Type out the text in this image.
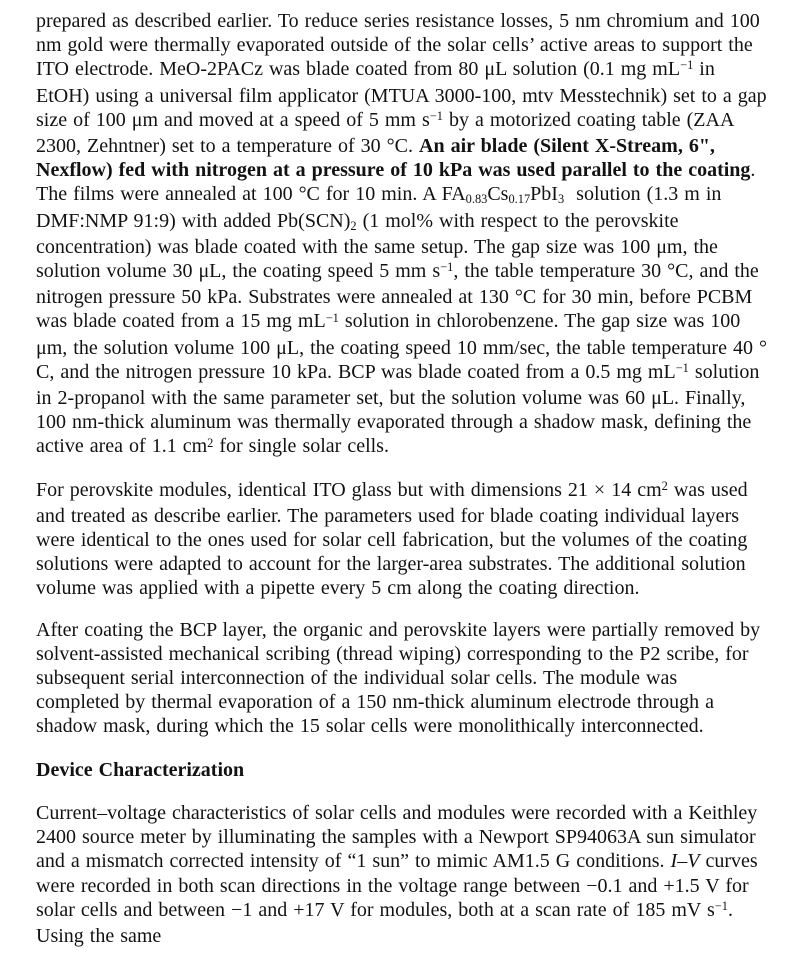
prepared as described earlier. To reduce series resistance losses, 5 nm chromium and 100
nm gold were thermally evaporated outside of the solar cells’ active areas to support the
ITO electrode. MeO-2PACz was blade coated from 80 μL solution (0.1 mg $mL^{-1}$ in
EtOH) using a universal film applicator (MTUA 3000-100, mtv Messtechnik) set to a gap
size of 100 μm and moved at a speed of 5 mm $s^{-1}$ by a motorized coating table (ZAA
2300, Zehntner) set to a temperature of 30 °C. An air blade (Silent X-Stream, 6",
Nexflow) fed with nitrogen at a pressure of 10 kPa was used parallel to the coating.
The films were annealed at 100 °C for 10 min. A FA0.83Cs0.17PbI3  solution (1.3 m in
DMF:NMP 91:9) with added Pb(SCN)2 (1 mol% with respect to the perovskite
concentration) was blade coated with the same setup. The gap size was 100 μm, the
solution volume 30 μL, the coating speed 5 mm $s^{-1}$, the table temperature 30 °C, and the
nitrogen pressure 50 kPa. Substrates were annealed at 130 °C for 30 min, before PCBM
was blade coated from a 15 mg $mL^{-1}$ solution in chlorobenzene. The gap size was 100
μm, the solution volume 100 μL, the coating speed 10 mm/sec, the table temperature 40 °
C, and the nitrogen pressure 10 kPa. BCP was blade coated from a 0.5 mg $mL^{-1}$ solution
in 2-propanol with the same parameter set, but the solution volume was 60 μL. Finally,
100 nm-thick aluminum was thermally evaporated through a shadow mask, defining the
active area of 1.1 $cm^2$ for single solar cells.
For perovskite modules, identical ITO glass but with dimensions 21 × 14 $cm^2$ was used
and treated as describe earlier. The parameters used for blade coating individual layers
were identical to the ones used for solar cell fabrication, but the volumes of the coating
solutions were adapted to account for the larger-area substrates. The additional solution
volume was applied with a pipette every 5 cm along the coating direction.
After coating the BCP layer, the organic and perovskite layers were partially removed by
solvent-assisted mechanical scribing (thread wiping) corresponding to the P2 scribe, for
subsequent serial interconnection of the individual solar cells. The module was
completed by thermal evaporation of a 150 nm-thick aluminum electrode through a
shadow mask, during which the 15 solar cells were monolithically interconnected.
Device Characterization
Current–voltage characteristics of solar cells and modules were recorded with a Keithley
2400 source meter by illuminating the samples with a Newport SP94063A sun simulator
and a mismatch corrected intensity of “1 sun” to mimic AM1.5 G conditions. I–V curves
were recorded in both scan directions in the voltage range between −0.1 and +1.5 V for
solar cells and between −1 and +17 V for modules, both at a scan rate of 185 mV $s^{-1}$.
Using the same
